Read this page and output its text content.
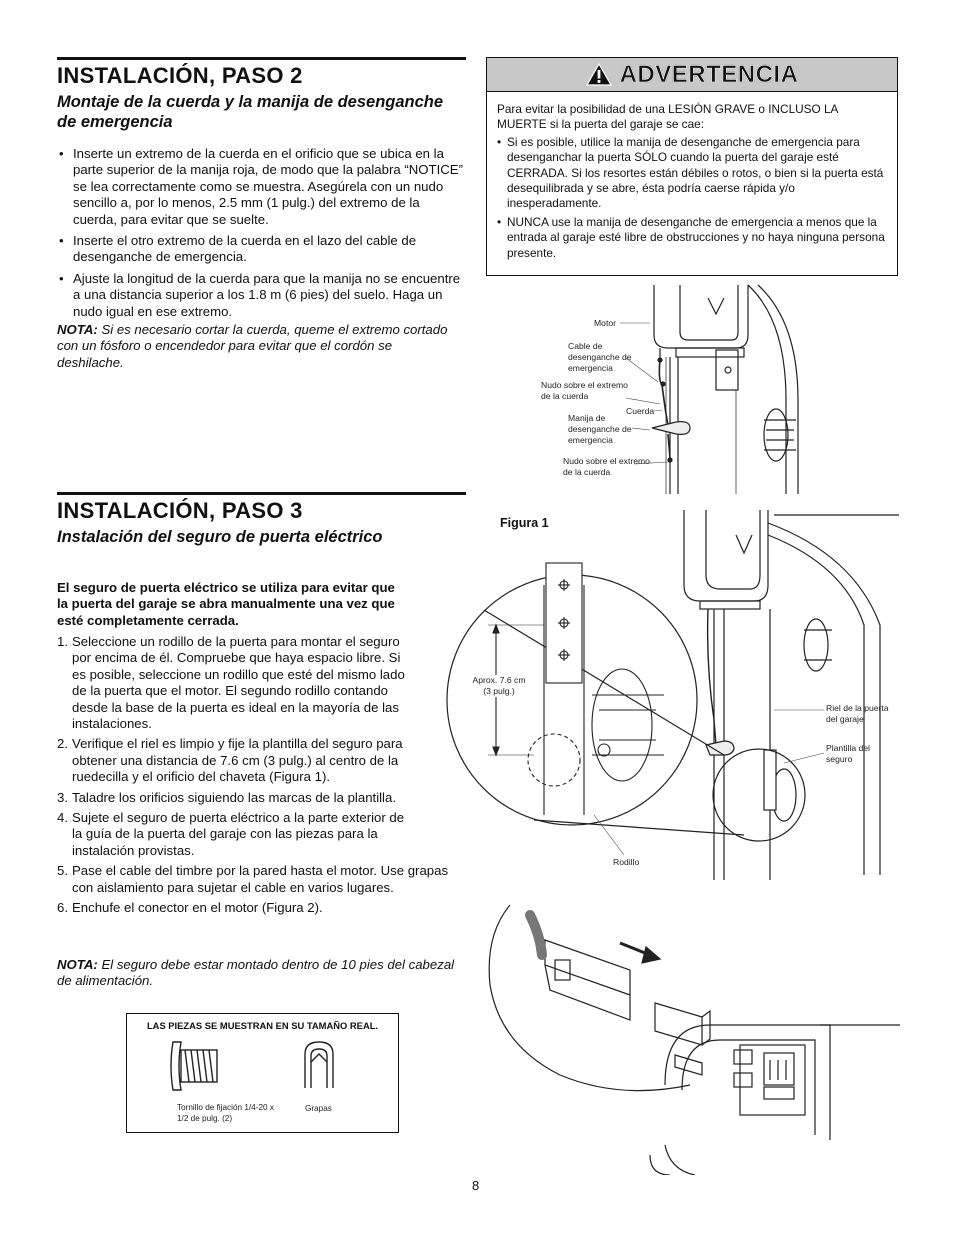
INSTALACIÓN, PASO 2
Montaje de la cuerda y la manija de desenganche de emergencia
• Inserte un extremo de la cuerda en el orificio que se ubica en la parte superior de la manija roja, de modo que la palabra “NOTICE” se lea correctamente como se muestra. Asegúrela con un nudo sencillo a, por lo menos, 2.5 mm (1 pulg.) del extremo de la cuerda, para evitar que se suelte.
• Inserte el otro extremo de la cuerda en el lazo del cable de desenganche de emergencia.
• Ajuste la longitud de la cuerda para que la manija no se encuentre a una distancia superior a los 1.8 m (6 pies) del suelo. Haga un nudo igual en ese extremo.
NOTA: Si es necesario cortar la cuerda, queme el extremo cortado con un fósforo o encendedor para evitar que el cordón se deshilache.
ADVERTENCIA
Para evitar la posibilidad de una LESIÓN GRAVE o INCLUSO LA MUERTE si la puerta del garaje se cae:
• Si es posible, utilice la manija de desenganche de emergencia para desenganchar la puerta SÓLO cuando la puerta del garaje esté CERRADA. Si los resortes están débiles o rotos, o bien si la puerta está desequilibrada y se abre, ésta podría caerse rápida y/o inesperadamente.
• NUNCA use la manija de desenganche de emergencia a menos que la entrada al garaje esté libre de obstrucciones y no haya ninguna persona presente.
Motor
Cable de desenganche de emergencia
Nudo sobre el extremo de la cuerda
Cuerda
Manija de desenganche de emergencia
Nudo sobre el extremo de la cuerda
INSTALACIÓN, PASO 3
Instalación del seguro de puerta eléctrico
El seguro de puerta eléctrico se utiliza para evitar que la puerta del garaje se abra manualmente una vez que esté completamente cerrada.
1. Seleccione un rodillo de la puerta para montar el seguro por encima de él. Compruebe que haya espacio libre. Si es posible, seleccione un rodillo que esté del mismo lado de la puerta que el motor. El segundo rodillo contando desde la base de la puerta es ideal en la mayoría de las instalaciones.
2. Verifique el riel es limpio y fije la plantilla del seguro para obtener una distancia de 7.6 cm (3 pulg.) al centro de la ruedecilla y el orificio del chaveta (Figura 1).
3. Taladre los orificios siguiendo las marcas de la plantilla.
4. Sujete el seguro de puerta eléctrico a la parte exterior de la guía de la puerta del garaje con las piezas para la instalación provistas.
5. Pase el cable del timbre por la pared hasta el motor. Use grapas con aislamiento para sujetar el cable en varios lugares.
6. Enchufe el conector en el motor (Figura 2).
NOTA: El seguro debe estar montado dentro de 10 pies del cabezal de alimentación.
Figura 1
Aprox. 7.6 cm (3 pulg.)
Riel de la puerta del garaje
Plantilla del seguro
Rodillo
LAS PIEZAS SE MUESTRAN EN SU TAMAÑO REAL.
Tornillo de fijación 1/4-20 x 1/2 de pulg. (2)
Grapas
8
